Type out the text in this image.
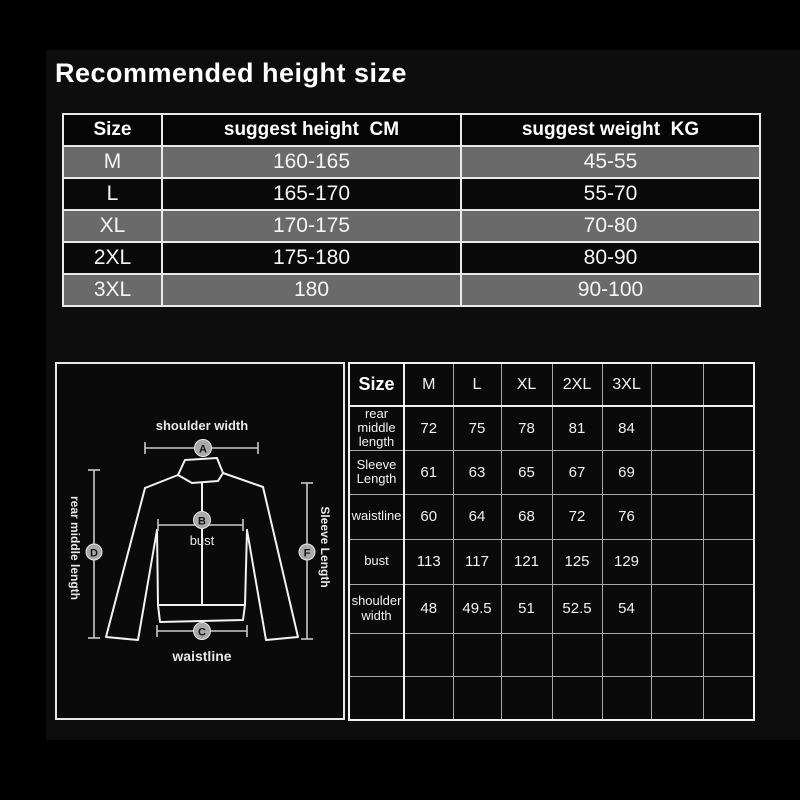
Recommended height size
Size	suggest height  CM	suggest weight  KG
M	160-165	45-55
L	165-170	55-70
XL	170-175	70-80
2XL	175-180	80-90
3XL	180	90-100
shoulder width
bust
waistline
rear middle length	Sleeve Length
A
B
C
D	F
Size	M	L	XL	2XL	3XL		
rear middle length	72	75	78	81	84		
Sleeve Length	61	63	65	67	69		
waistline	60	64	68	72	76		
bust	113	117	121	125	129		
shoulder width	48	49.5	51	52.5	54		
